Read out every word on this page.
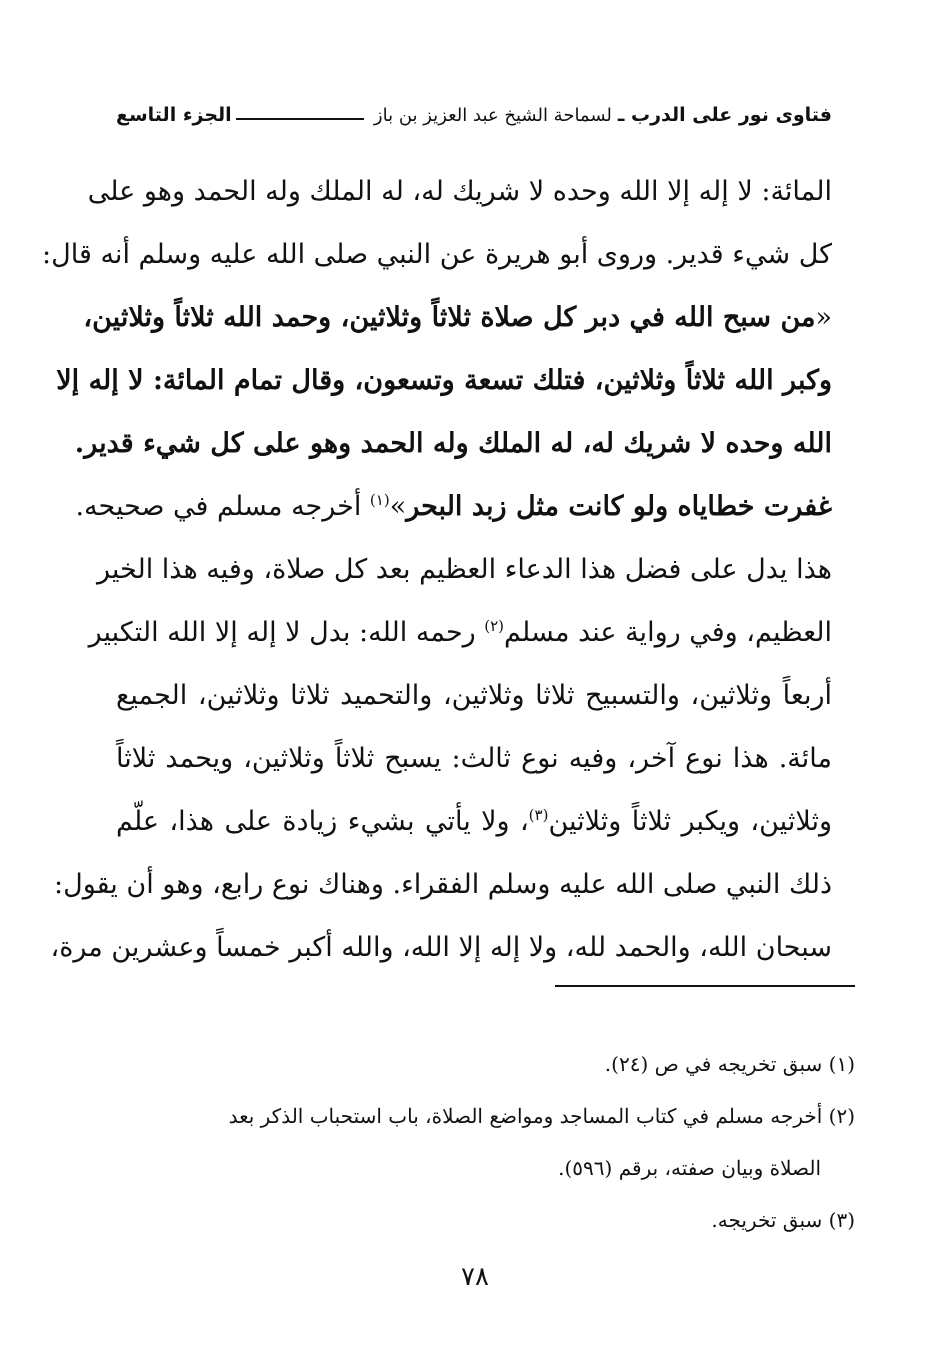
فتاوى نور على الدرب ـ
لسماحة الشيخ عبد العزيز بن باز
الجزء التاسع
المائة: لا إله إلا الله وحده لا شريك له، له الملك وله الحمد وهو على
كل شيء قدير. وروى أبو هريرة عن النبي صلى الله عليه وسلم أنه قال:
«من سبح الله في دبر كل صلاة ثلاثاً وثلاثين، وحمد الله ثلاثاً وثلاثين،
وكبر الله ثلاثاً وثلاثين، فتلك تسعة وتسعون، وقال تمام المائة: لا إله إلا
الله وحده لا شريك له، له الملك وله الحمد وهو على كل شيء قدير.
غفرت خطاياه ولو كانت مثل زبد البحر»$^{(١)}$ أخرجه مسلم في صحيحه.
هذا يدل على فضل هذا الدعاء العظيم بعد كل صلاة، وفيه هذا الخير
العظيم، وفي رواية عند مسلم$^{(٢)}$ رحمه الله: بدل لا إله إلا الله التكبير
أربعاً وثلاثين، والتسبيح ثلاثا وثلاثين، والتحميد ثلاثا وثلاثين، الجميع
مائة. هذا نوع آخر، وفيه نوع ثالث: يسبح ثلاثاً وثلاثين، ويحمد ثلاثاً
وثلاثين، ويكبر ثلاثاً وثلاثين$^{(٣)}$، ولا يأتي بشيء زيادة على هذا، علّم
ذلك النبي صلى الله عليه وسلم الفقراء. وهناك نوع رابع، وهو أن يقول:
سبحان الله، والحمد لله، ولا إله إلا الله، والله أكبر خمساً وعشرين مرة،
(١) سبق تخريجه في ص (٢٤).
(٢) أخرجه مسلم في كتاب المساجد ومواضع الصلاة، باب استحباب الذكر بعد
الصلاة وبيان صفته، برقم (٥٩٦).
(٣) سبق تخريجه.
٧٨
